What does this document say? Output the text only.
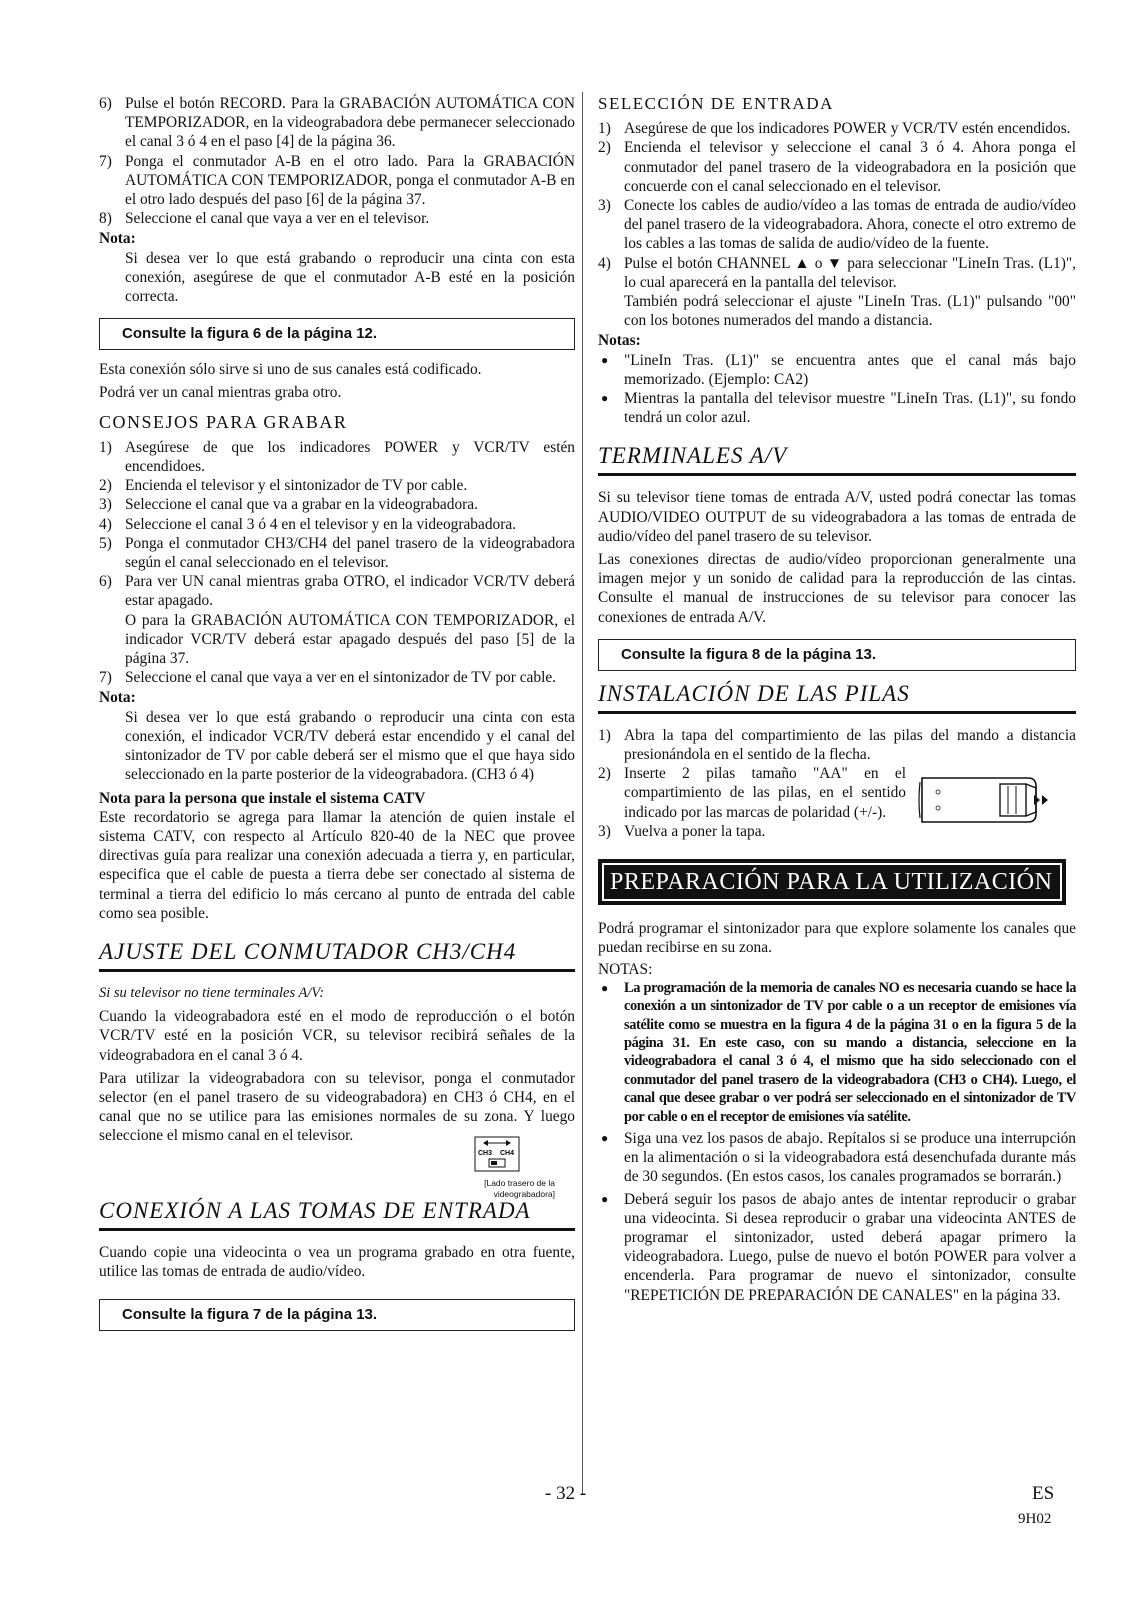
6) Pulse el botón RECORD. Para la GRABACIÓN AUTOMÁTICA CON TEMPORIZADOR, en la videograbadora debe permanecer seleccionado el canal 3 ó 4 en el paso [4] de la página 36.
7) Ponga el conmutador A-B en el otro lado. Para la GRABACIÓN AUTOMÁTICA CON TEMPORIZADOR, ponga el conmutador A-B en el otro lado después del paso [6] de la página 37.
8) Seleccione el canal que vaya a ver en el televisor.
Nota:
Si desea ver lo que está grabando o reproducir una cinta con esta conexión, asegúrese de que el conmutador A-B esté en la posición correcta.
Consulte la figura 6 de la página 12.

Esta conexión sólo sirve si uno de sus canales está codificado.

Podrá ver un canal mientras graba otro.

CONSEJOS PARA GRABAR
1) Asegúrese de que los indicadores POWER y VCR/TV estén encendidoes.
2) Encienda el televisor y el sintonizador de TV por cable.
3) Seleccione el canal que va a grabar en la videograbadora.
4) Seleccione el canal 3 ó 4 en el televisor y en la videograbadora.
5) Ponga el conmutador CH3/CH4 del panel trasero de la videograbadora según el canal seleccionado en el televisor.
6) Para ver UN canal mientras graba OTRO, el indicador VCR/TV deberá estar apagado.
O para la GRABACIÓN AUTOMÁTICA CON TEMPORIZADOR, el indicador VCR/TV deberá estar apagado después del paso [5] de la página 37.
7) Seleccione el canal que vaya a ver en el sintonizador de TV por cable.
Nota:
Si desea ver lo que está grabando o reproducir una cinta con esta conexión, el indicador VCR/TV deberá estar encendido y el canal del sintonizador de TV por cable deberá ser el mismo que el que haya sido seleccionado en la parte posterior de la videograbadora. (CH3 ó 4)
Nota para la persona que instale el sistema CATV

Este recordatorio se agrega para llamar la atención de quien instale el sistema CATV, con respecto al Artículo 820-40 de la NEC que provee directivas guía para realizar una conexión adecuada a tierra y, en particular, especifica que el cable de puesta a tierra debe ser conectado al sistema de terminal a tierra del edificio lo más cercano al punto de entrada del cable como sea posible.

AJUSTE DEL CONMUTADOR CH3/CH4
Si su televisor no tiene terminales A/V:

Cuando la videograbadora esté en el modo de reproducción o el botón VCR/TV esté en la posición VCR, su televisor recibirá señales de la videograbadora en el canal 3 ó 4.

Para utilizar la videograbadora con su televisor, ponga el conmutador selector (en el panel trasero de su videograbadora) en CH3 ó CH4, en el canal que no se utilice para las emisiones normales de su zona. Y luego seleccione el mismo canal en el televisor.

CH3 CH4
[Lado trasero de la videograbadora]
CONEXIÓN A LAS TOMAS DE ENTRADA

Cuando copie una videocinta o vea un programa grabado en otra fuente, utilice las tomas de entrada de audio/vídeo.

Consulte la figura 7 de la página 13.
SELECCIÓN DE ENTRADA
1) Asegúrese de que los indicadores POWER y VCR/TV estén encendidos.
2) Encienda el televisor y seleccione el canal 3 ó 4. Ahora ponga el conmutador del panel trasero de la videograbadora en la posición que concuerde con el canal seleccionado en el televisor.
3) Conecte los cables de audio/vídeo a las tomas de entrada de audio/vídeo del panel trasero de la videograbadora. Ahora, conecte el otro extremo de los cables a las tomas de salida de audio/vídeo de la fuente.
4) Pulse el botón CHANNEL ▲ o ▼ para seleccionar "LineIn Tras. (L1)", lo cual aparecerá en la pantalla del televisor.
También podrá seleccionar el ajuste "LineIn Tras. (L1)" pulsando "00" con los botones numerados del mando a distancia.
Notas:
● "LineIn Tras. (L1)" se encuentra antes que el canal más bajo memorizado. (Ejemplo: CA2)
● Mientras la pantalla del televisor muestre "LineIn Tras. (L1)", su fondo tendrá un color azul.
TERMINALES A/V

Si su televisor tiene tomas de entrada A/V, usted podrá conectar las tomas AUDIO/VIDEO OUTPUT de su videograbadora a las tomas de entrada de audio/vídeo del panel trasero de su televisor.

Las conexiones directas de audio/vídeo proporcionan generalmente una imagen mejor y un sonido de calidad para la reproducción de las cintas. Consulte el manual de instrucciones de su televisor para conocer las conexiones de entrada A/V.

Consulte la figura 8 de la página 13.
INSTALACIÓN DE LAS PILAS
1) Abra la tapa del compartimiento de las pilas del mando a distancia presionándola en el sentido de la flecha.
2) Inserte 2 pilas tamaño "AA" en el compartimiento de las pilas, en el sentido indicado por las marcas de polaridad (+/-).
3) Vuelva a poner la tapa.
PREPARACIÓN PARA LA UTILIZACIÓN

Podrá programar el sintonizador para que explore solamente los canales que puedan recibirse en su zona.

NOTAS:
● La programación de la memoria de canales NO es necesaria cuando se hace la conexión a un sintonizador de TV por cable o a un receptor de emisiones vía satélite como se muestra en la figura 4 de la página 31 o en la figura 5 de la página 31. En este caso, con su mando a distancia, seleccione en la videograbadora el canal 3 ó 4, el mismo que ha sido seleccionado con el conmutador del panel trasero de la videograbadora (CH3 o CH4). Luego, el canal que desee grabar o ver podrá ser seleccionado en el sintonizador de TV por cable o en el receptor de emisiones vía satélite.
● Siga una vez los pasos de abajo. Repítalos si se produce una interrupción en la alimentación o si la videograbadora está desenchufada durante más de 30 segundos. (En estos casos, los canales programados se borrarán.)
● Deberá seguir los pasos de abajo antes de intentar reproducir o grabar una videocinta. Si desea reproducir o grabar una videocinta ANTES de programar el sintonizador, usted deberá apagar primero la videograbadora. Luego, pulse de nuevo el botón POWER para volver a encenderla. Para programar de nuevo el sintonizador, consulte "REPETICIÓN DE PREPARACIÓN DE CANALES" en la página 33.
- 32 -	ES
9H02
